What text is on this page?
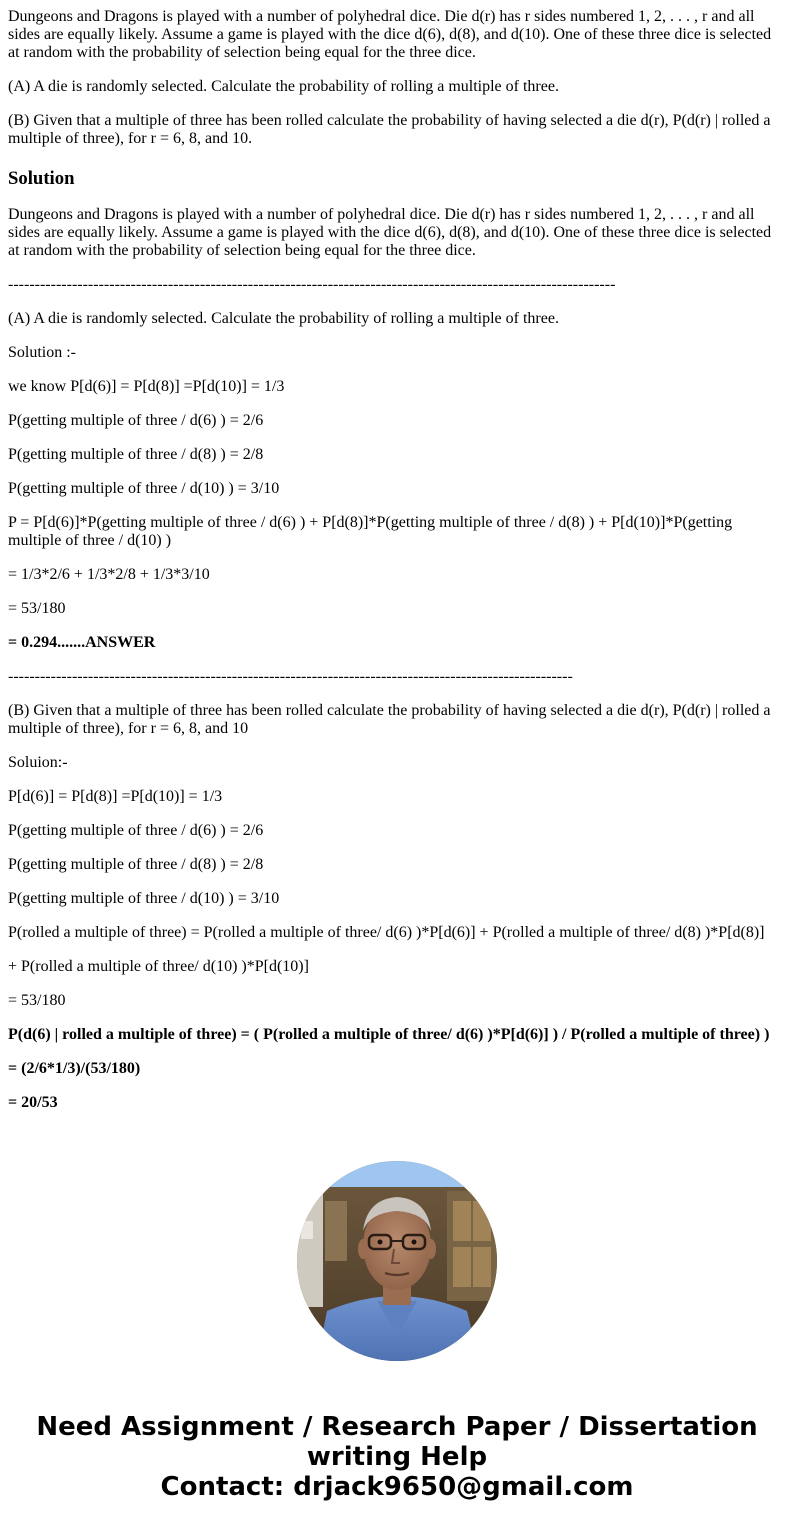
Dungeons and Dragons is played with a number of polyhedral dice. Die d(r) has r sides numbered 1, 2, . . . , r and all sides are equally likely. Assume a game is played with the dice d(6), d(8), and d(10). One of these three dice is selected at random with the probability of selection being equal for the three dice.

(A) A die is randomly selected. Calculate the probability of rolling a multiple of three.

(B) Given that a multiple of three has been rolled calculate the probability of having selected a die d(r), P(d(r) | rolled a multiple of three), for r = 6, 8, and 10.

Solution

Dungeons and Dragons is played with a number of polyhedral dice. Die d(r) has r sides numbered 1, 2, . . . , r and all sides are equally likely. Assume a game is played with the dice d(6), d(8), and d(10). One of these three dice is selected at random with the probability of selection being equal for the three dice.

------------------------------------------------------------------------------------------------------------------

(A) A die is randomly selected. Calculate the probability of rolling a multiple of three.

Solution :-

we know P[d(6)] = P[d(8)] =P[d(10)] = 1/3

P(getting multiple of three / d(6) ) = 2/6

P(getting multiple of three / d(8) ) = 2/8

P(getting multiple of three / d(10) ) = 3/10

P = P[d(6)]*P(getting multiple of three / d(6) ) + P[d(8)]*P(getting multiple of three / d(8) ) + P[d(10)]*P(getting multiple of three / d(10) )

= 1/3*2/6 + 1/3*2/8 + 1/3*3/10

= 53/180

= 0.294.......ANSWER

----------------------------------------------------------------------------------------------------------

(B) Given that a multiple of three has been rolled calculate the probability of having selected a die d(r), P(d(r) | rolled a multiple of three), for r = 6, 8, and 10

Soluion:-

P[d(6)] = P[d(8)] =P[d(10)] = 1/3

P(getting multiple of three / d(6) ) = 2/6

P(getting multiple of three / d(8) ) = 2/8

P(getting multiple of three / d(10) ) = 3/10

P(rolled a multiple of three) = P(rolled a multiple of three/ d(6) )*P[d(6)] + P(rolled a multiple of three/ d(8) )*P[d(8)]

+ P(rolled a multiple of three/ d(10) )*P[d(10)]

= 53/180

P(d(6) | rolled a multiple of three) = ( P(rolled a multiple of three/ d(6) )*P[d(6)] ) / P(rolled a multiple of three) )

= (2/6*1/3)/(53/180)

= 20/53

Need Assignment / Research Paper / Dissertation
writing Help
Contact: drjack9650@gmail.com
